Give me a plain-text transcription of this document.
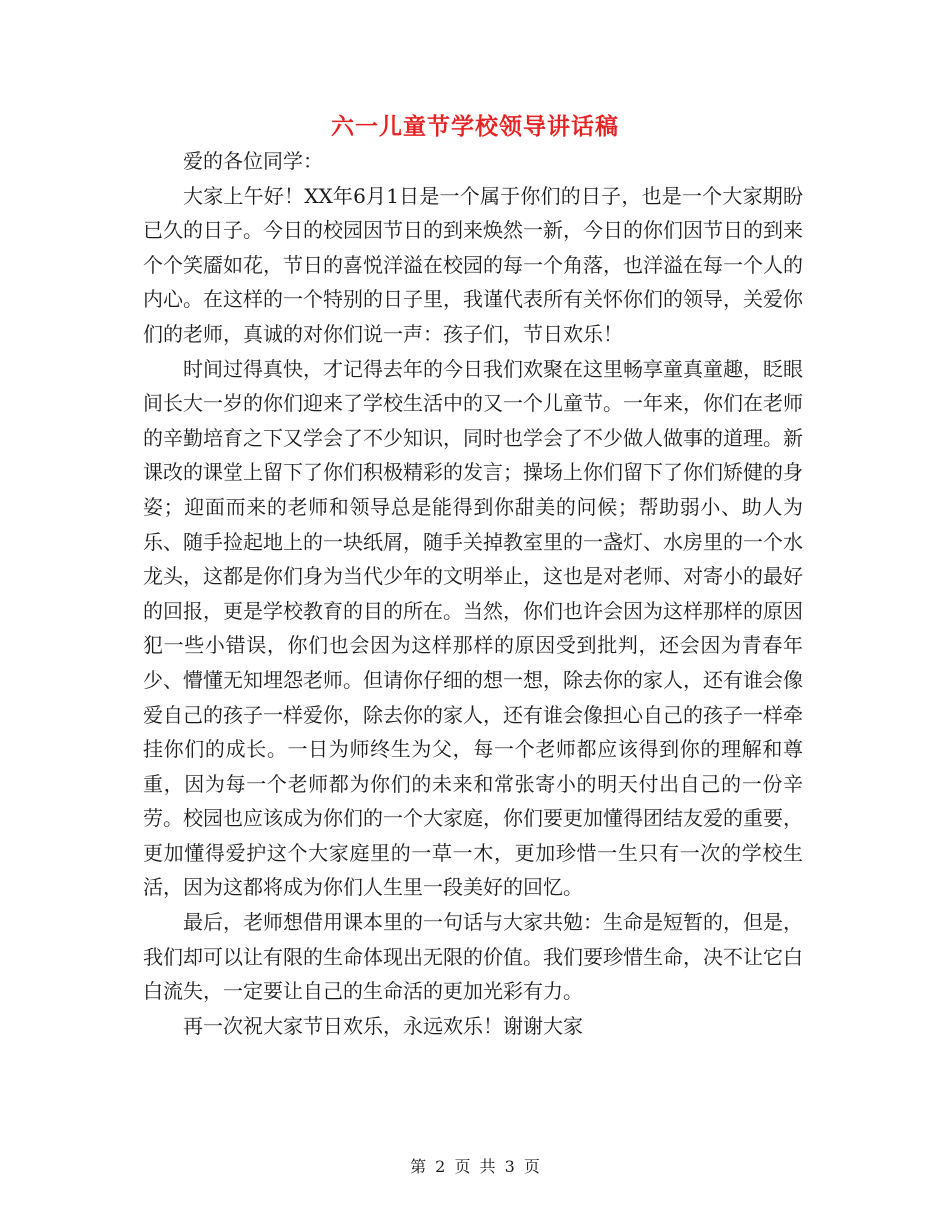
六一儿童节学校领导讲话稿

爱的各位同学：

大家上午好！XX年6月1日是一个属于你们的日子，也是一个大家期盼已久的日子。今日的校园因节日的到来焕然一新，今日的你们因节日的到来个个笑靥如花，节日的喜悦洋溢在校园的每一个角落，也洋溢在每一个人的内心。在这样的一个特别的日子里，我谨代表所有关怀你们的领导，关爱你们的老师，真诚的对你们说一声：孩子们，节日欢乐！

时间过得真快，才记得去年的今日我们欢聚在这里畅享童真童趣，眨眼间长大一岁的你们迎来了学校生活中的又一个儿童节。一年来，你们在老师的辛勤培育之下又学会了不少知识，同时也学会了不少做人做事的道理。新课改的课堂上留下了你们积极精彩的发言；操场上你们留下了你们矫健的身姿；迎面而来的老师和领导总是能得到你甜美的问候；帮助弱小、助人为乐、随手捡起地上的一块纸屑，随手关掉教室里的一盏灯、水房里的一个水龙头，这都是你们身为当代少年的文明举止，这也是对老师、对寄小的最好的回报，更是学校教育的目的所在。当然，你们也许会因为这样那样的原因犯一些小错误，你们也会因为这样那样的原因受到批判，还会因为青春年少、懵懂无知埋怨老师。但请你仔细的想一想，除去你的家人，还有谁会像爱自己的孩子一样爱你，除去你的家人，还有谁会像担心自己的孩子一样牵挂你们的成长。一日为师终生为父，每一个老师都应该得到你的理解和尊重，因为每一个老师都为你们的未来和常张寄小的明天付出自己的一份辛劳。校园也应该成为你们的一个大家庭，你们要更加懂得团结友爱的重要，更加懂得爱护这个大家庭里的一草一木，更加珍惜一生只有一次的学校生活，因为这都将成为你们人生里一段美好的回忆。

最后，老师想借用课本里的一句话与大家共勉：生命是短暂的，但是，我们却可以让有限的生命体现出无限的价值。我们要珍惜生命，决不让它白白流失，一定要让自己的生命活的更加光彩有力。

再一次祝大家节日欢乐，永远欢乐！谢谢大家

第 2 页 共 3 页
